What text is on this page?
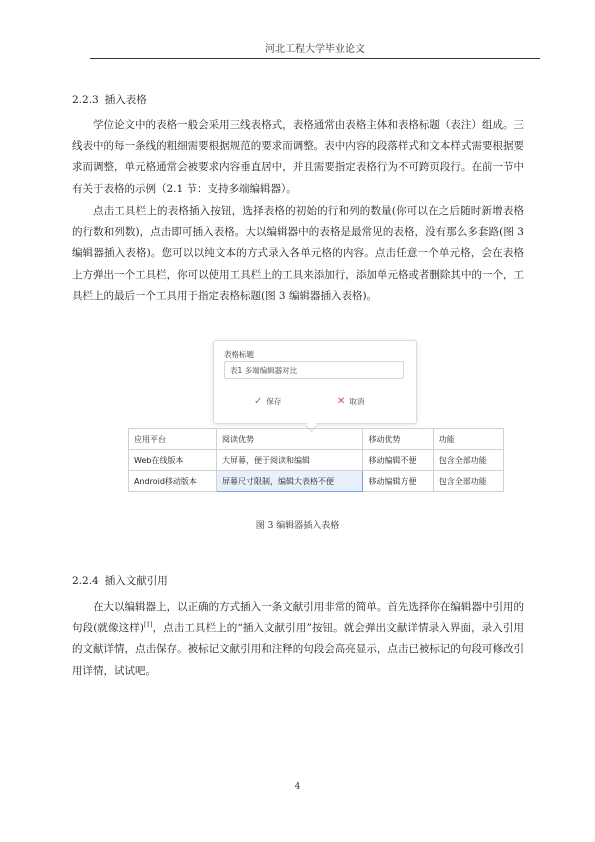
河北工程大学毕业论文
2.2.3 插入表格
学位论文中的表格一般会采用三线表格式，表格通常由表格主体和表格标题（表注）组成。三线表中的每一条线的粗细需要根据规范的要求而调整。表中内容的段落样式和文本样式需要根据要求而调整，单元格通常会被要求内容垂直居中，并且需要指定表格行为不可跨页段行。在前一节中有关于表格的示例（2.1 节：支持多端编辑器）。
点击工具栏上的表格插入按钮，选择表格的初始的行和列的数量(你可以在之后随时新增表格的行数和列数)，点击即可插入表格。大以编辑器中的表格是最常见的表格，没有那么多套路(图 3 编辑器插入表格)。您可以以纯文本的方式录入各单元格的内容。点击任意一个单元格，会在表格上方弹出一个工具栏，你可以使用工具栏上的工具来添加行，添加单元格或者删除其中的一个，工具栏上的最后一个工具用于指定表格标题(图 3 编辑器插入表格)。
表格标题
表1 多端编辑器对比
✓ 保存	✕ 取消
应用平台	阅读优势	移动优势	功能
Web在线版本	大屏幕，便于阅读和编辑	移动编辑不便	包含全部功能
Android移动版本	屏幕尺寸限制，编辑大表格不便	移动编辑方便	包含全部功能
图 3 编辑器插入表格
2.2.4 插入文献引用
在大以编辑器上，以正确的方式插入一条文献引用非常的简单。首先选择你在编辑器中引用的句段(就像这样)[1]，点击工具栏上的“插入文献引用”按钮。就会弹出文献详情录入界面，录入引用的文献详情，点击保存。被标记文献引用和注释的句段会高亮显示，点击已被标记的句段可修改引用详情，试试吧。
4
